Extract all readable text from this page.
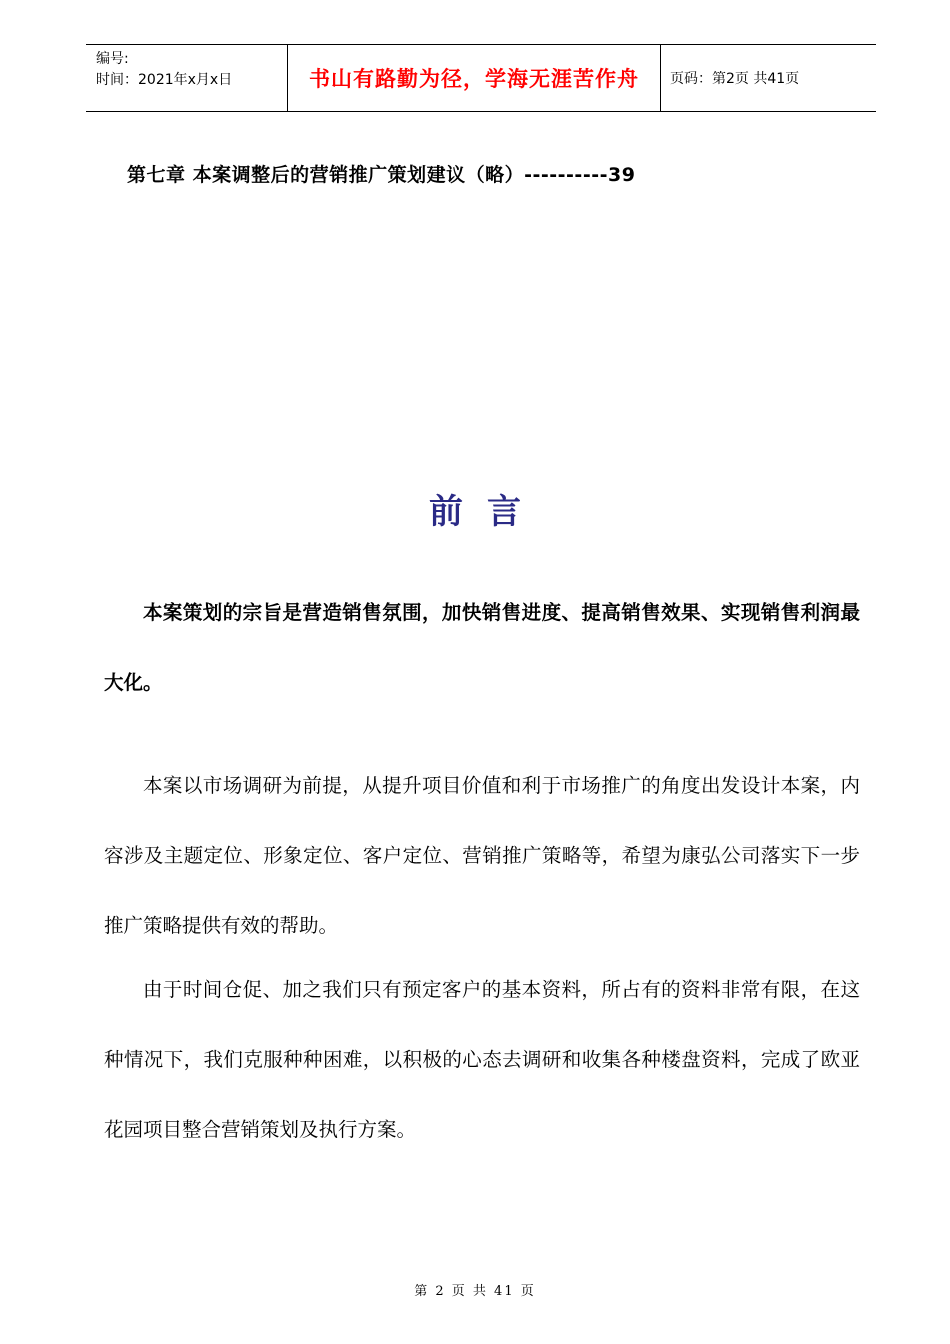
编号:
时间：2021年x月x日	书山有路勤为径，学海无涯苦作舟	页码：第2页 共41页
第七章 本案调整后的营销推广策划建议（略）----------39
前言

本案策划的宗旨是营造销售氛围，加快销售进度、提高销售效果、实现销售利润最大化。

本案以市场调研为前提，从提升项目价值和利于市场推广的角度出发设计本案，内容涉及主题定位、形象定位、客户定位、营销推广策略等，希望为康弘公司落实下一步推广策略提供有效的帮助。

由于时间仓促、加之我们只有预定客户的基本资料，所占有的资料非常有限，在这种情况下，我们克服种种困难，以积极的心态去调研和收集各种楼盘资料，完成了欧亚花园项目整合营销策划及执行方案。

第 2 页 共 41 页
